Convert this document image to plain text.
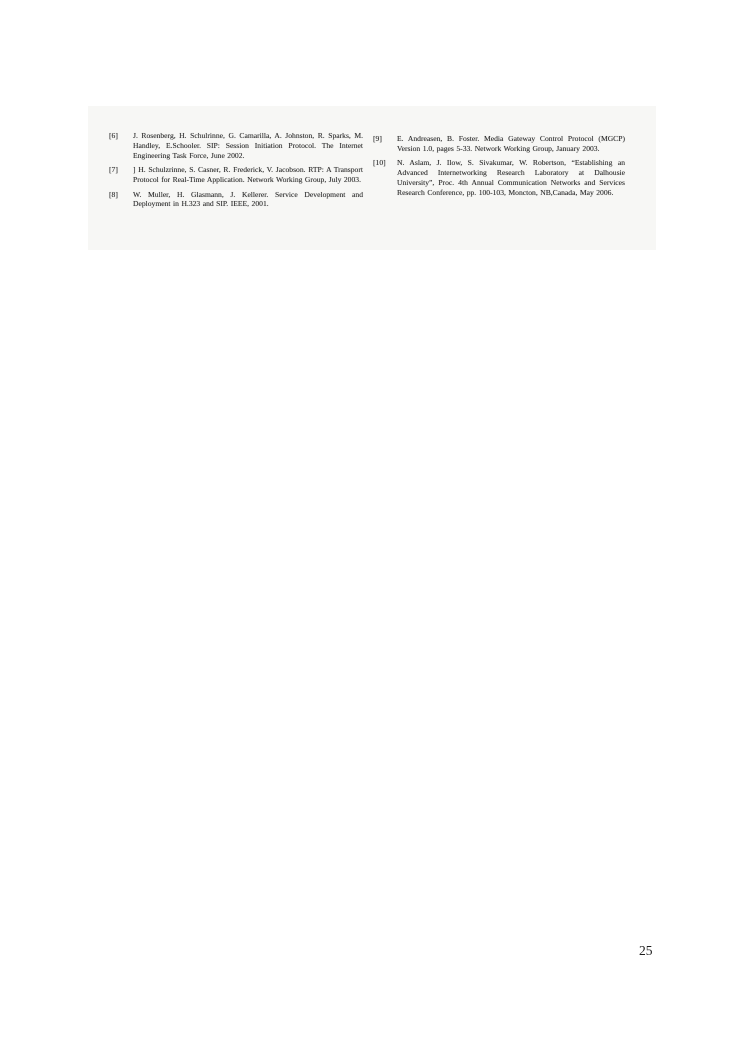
[6]	J. Rosenberg, H. Schulrinne, G. Camarilla, A. Johnston, R. Sparks, M. Handley, E.Schooler. SIP: Session Initiation Protocol. The Internet Engineering Task Force, June 2002.
[7]	] H. Schulzrinne, S. Casner, R. Frederick, V. Jacobson. RTP: A Transport Protocol for Real-Time Application. Network Working Group, July 2003.
[8]	W. Muller, H. Glasmann, J. Kellerer. Service Development and Deployment in H.323 and SIP. IEEE, 2001.
[9]	E. Andreasen, B. Foster. Media Gateway Control Protocol (MGCP) Version 1.0, pages 5-33. Network Working Group, January 2003.
[10]	N. Aslam, J. Ilow, S. Sivakumar, W. Robertson, “Establishing an Advanced Internetworking Research Laboratory at Dalhousie University”, Proc. 4th Annual Communication Networks and Services Research Conference, pp. 100-103, Moncton, NB,Canada, May 2006.
25
